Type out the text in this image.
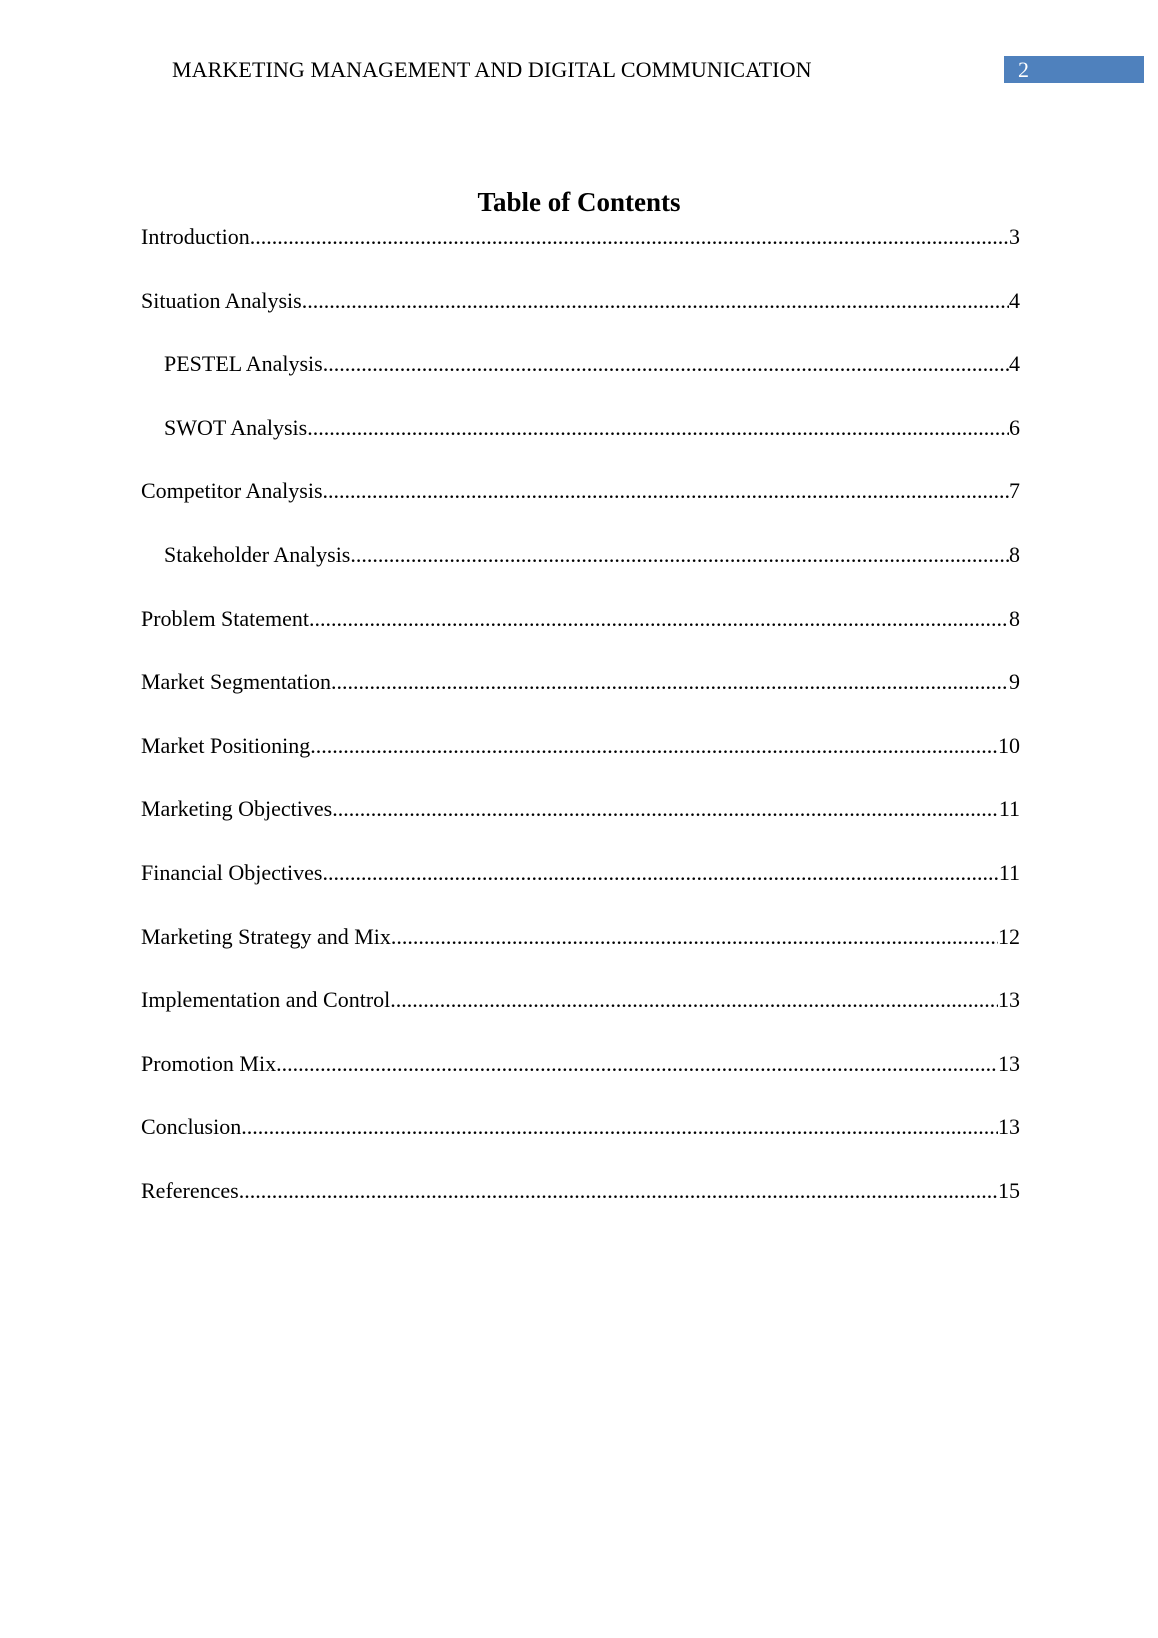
MARKETING MANAGEMENT AND DIGITAL COMMUNICATION	2
Table of Contents
Introduction .....	3
Situation Analysis .....	4
PESTEL Analysis .....	4
SWOT Analysis .....	6
Competitor Analysis .....	7
Stakeholder Analysis .....	8
Problem Statement .....	8
Market Segmentation .....	9
Market Positioning .....	10
Marketing Objectives .....	11
Financial Objectives .....	11
Marketing Strategy and Mix .....	12
Implementation and Control .....	13
Promotion Mix .....	13
Conclusion .....	13
References .....	15
